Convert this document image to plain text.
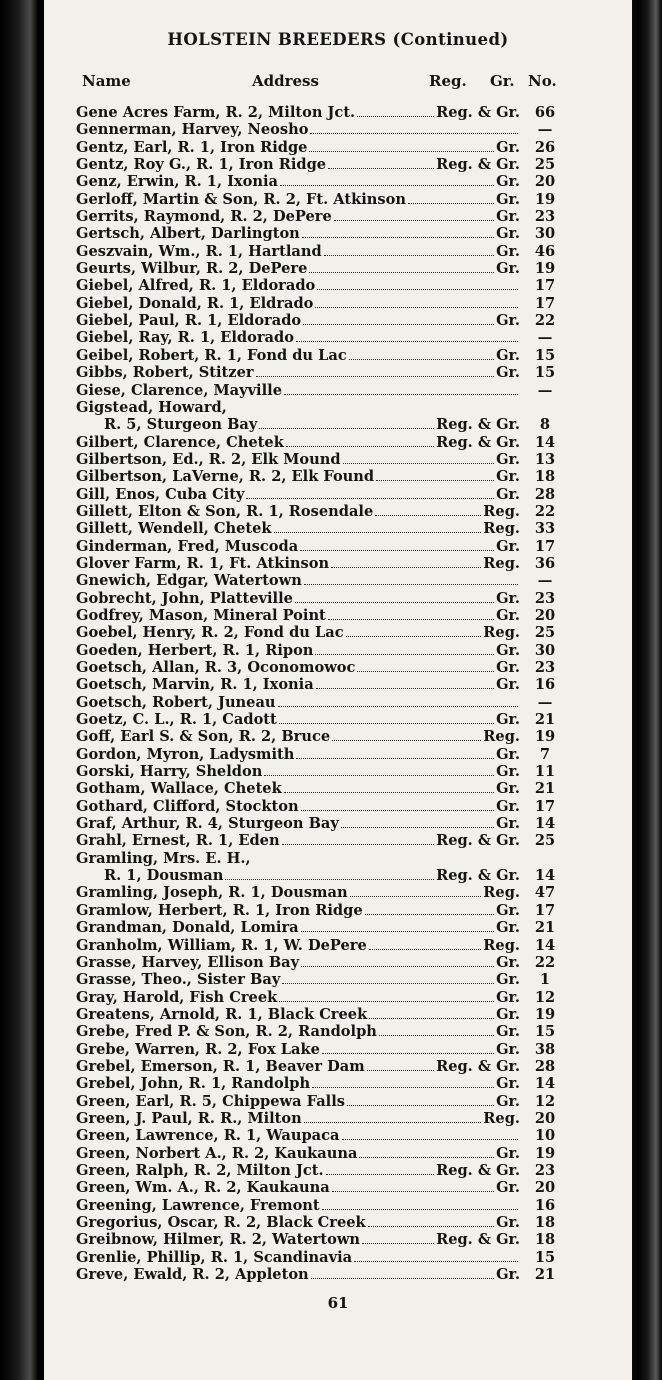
HOLSTEIN BREEDERS (Continued)
Name	Address	Reg. Gr. No.
Gene Acres Farm, R. 2, Milton Jct.	Reg. & Gr.	66
Gennerman, Harvey, Neosho	—
Gentz, Earl, R. 1, Iron Ridge	Gr.	26
Gentz, Roy G., R. 1, Iron Ridge	Reg. & Gr.	25
Genz, Erwin, R. 1, Ixonia	Gr.	20
Gerloff, Martin & Son, R. 2, Ft. Atkinson	Gr.	19
Gerrits, Raymond, R. 2, DePere	Gr.	23
Gertsch, Albert, Darlington	Gr.	30
Geszvain, Wm., R. 1, Hartland	Gr.	46
Geurts, Wilbur, R. 2, DePere	Gr.	19
Giebel, Alfred, R. 1, Eldorado	17
Giebel, Donald, R. 1, Eldrado	17
Giebel, Paul, R. 1, Eldorado	Gr.	22
Giebel, Ray, R. 1, Eldorado	—
Geibel, Robert, R. 1, Fond du Lac	Gr.	15
Gibbs, Robert, Stitzer	Gr.	15
Giese, Clarence, Mayville	—
Gigstead, Howard,
R. 5, Sturgeon Bay	Reg. & Gr.	8
Gilbert, Clarence, Chetek	Reg. & Gr.	14
Gilbertson, Ed., R. 2, Elk Mound	Gr.	13
Gilbertson, LaVerne, R. 2, Elk Found	Gr.	18
Gill, Enos, Cuba City	Gr.	28
Gillett, Elton & Son, R. 1, Rosendale	Reg.	22
Gillett, Wendell, Chetek	Reg.	33
Ginderman, Fred, Muscoda	Gr.	17
Glover Farm, R. 1, Ft. Atkinson	Reg.	36
Gnewich, Edgar, Watertown	—
Gobrecht, John, Platteville	Gr.	23
Godfrey, Mason, Mineral Point	Gr.	20
Goebel, Henry, R. 2, Fond du Lac	Reg.	25
Goeden, Herbert, R. 1, Ripon	Gr.	30
Goetsch, Allan, R. 3, Oconomowoc	Gr.	23
Goetsch, Marvin, R. 1, Ixonia	Gr.	16
Goetsch, Robert, Juneau	—
Goetz, C. L., R. 1, Cadott	Gr.	21
Goff, Earl S. & Son, R. 2, Bruce	Reg.	19
Gordon, Myron, Ladysmith	Gr.	7
Gorski, Harry, Sheldon	Gr.	11
Gotham, Wallace, Chetek	Gr.	21
Gothard, Clifford, Stockton	Gr.	17
Graf, Arthur, R. 4, Sturgeon Bay	Gr.	14
Grahl, Ernest, R. 1, Eden	Reg. & Gr.	25
Gramling, Mrs. E. H.,
R. 1, Dousman	Reg. & Gr.	14
Gramling, Joseph, R. 1, Dousman	Reg.	47
Gramlow, Herbert, R. 1, Iron Ridge	Gr.	17
Grandman, Donald, Lomira	Gr.	21
Granholm, William, R. 1, W. DePere	Reg.	14
Grasse, Harvey, Ellison Bay	Gr.	22
Grasse, Theo., Sister Bay	Gr.	1
Gray, Harold, Fish Creek	Gr.	12
Greatens, Arnold, R. 1, Black Creek	Gr.	19
Grebe, Fred P. & Son, R. 2, Randolph	Gr.	15
Grebe, Warren, R. 2, Fox Lake	Gr.	38
Grebel, Emerson, R. 1, Beaver Dam	Reg. & Gr.	28
Grebel, John, R. 1, Randolph	Gr.	14
Green, Earl, R. 5, Chippewa Falls	Gr.	12
Green, J. Paul, R. R., Milton	Reg.	20
Green, Lawrence, R. 1, Waupaca	10
Green, Norbert A., R. 2, Kaukauna	Gr.	19
Green, Ralph, R. 2, Milton Jct.	Reg. & Gr.	23
Green, Wm. A., R. 2, Kaukauna	Gr.	20
Greening, Lawrence, Fremont	16
Gregorius, Oscar, R. 2, Black Creek	Gr.	18
Greibnow, Hilmer, R. 2, Watertown	Reg. & Gr.	18
Grenlie, Phillip, R. 1, Scandinavia	15
Greve, Ewald, R. 2, Appleton	Gr.	21
61
